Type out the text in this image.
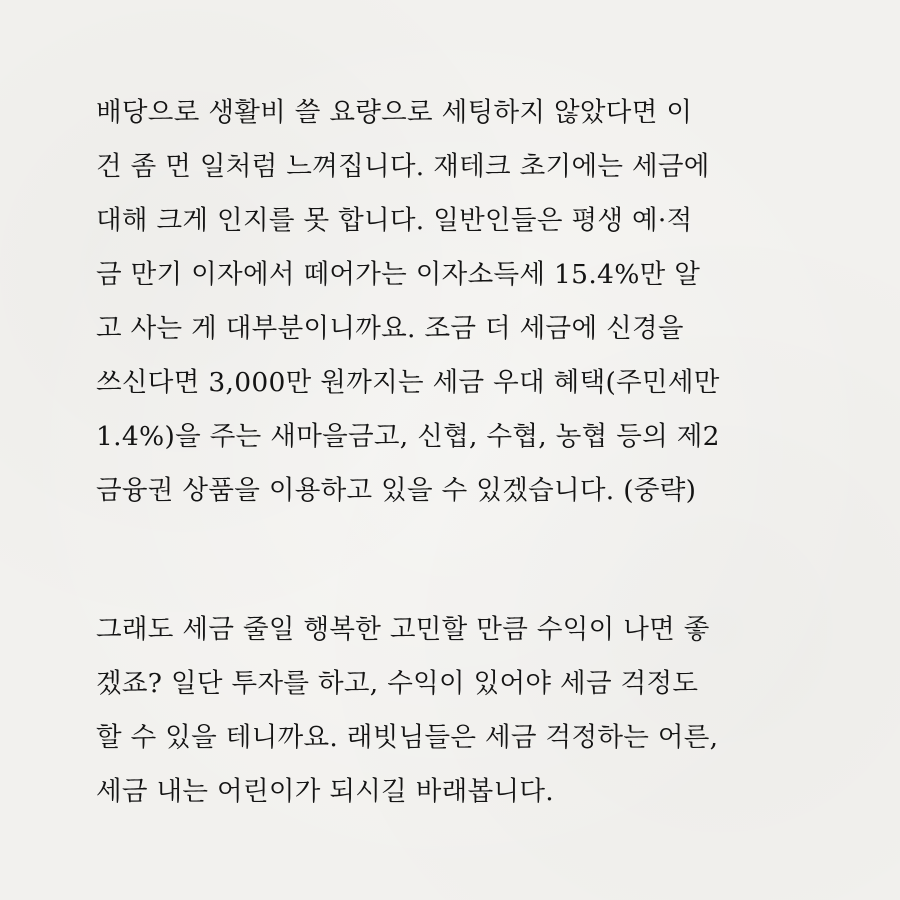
배당으로 생활비 쓸 요량으로 세팅하지 않았다면 이
건 좀 먼 일처럼 느껴집니다. 재테크 초기에는 세금에
대해 크게 인지를 못 합니다. 일반인들은 평생 예·적
금 만기 이자에서 떼어가는 이자소득세 15.4%만 알
고 사는 게 대부분이니까요. 조금 더 세금에 신경을
쓰신다면 3,000만 원까지는 세금 우대 혜택(주민세만
1.4%)을 주는 새마을금고, 신협, 수협, 농협 등의 제2
금융권 상품을 이용하고 있을 수 있겠습니다. (중략)
그래도 세금 줄일 행복한 고민할 만큼 수익이 나면 좋
겠죠? 일단 투자를 하고, 수익이 있어야 세금 걱정도
할 수 있을 테니까요. 래빗님들은 세금 걱정하는 어른,
세금 내는 어린이가 되시길 바래봅니다.
